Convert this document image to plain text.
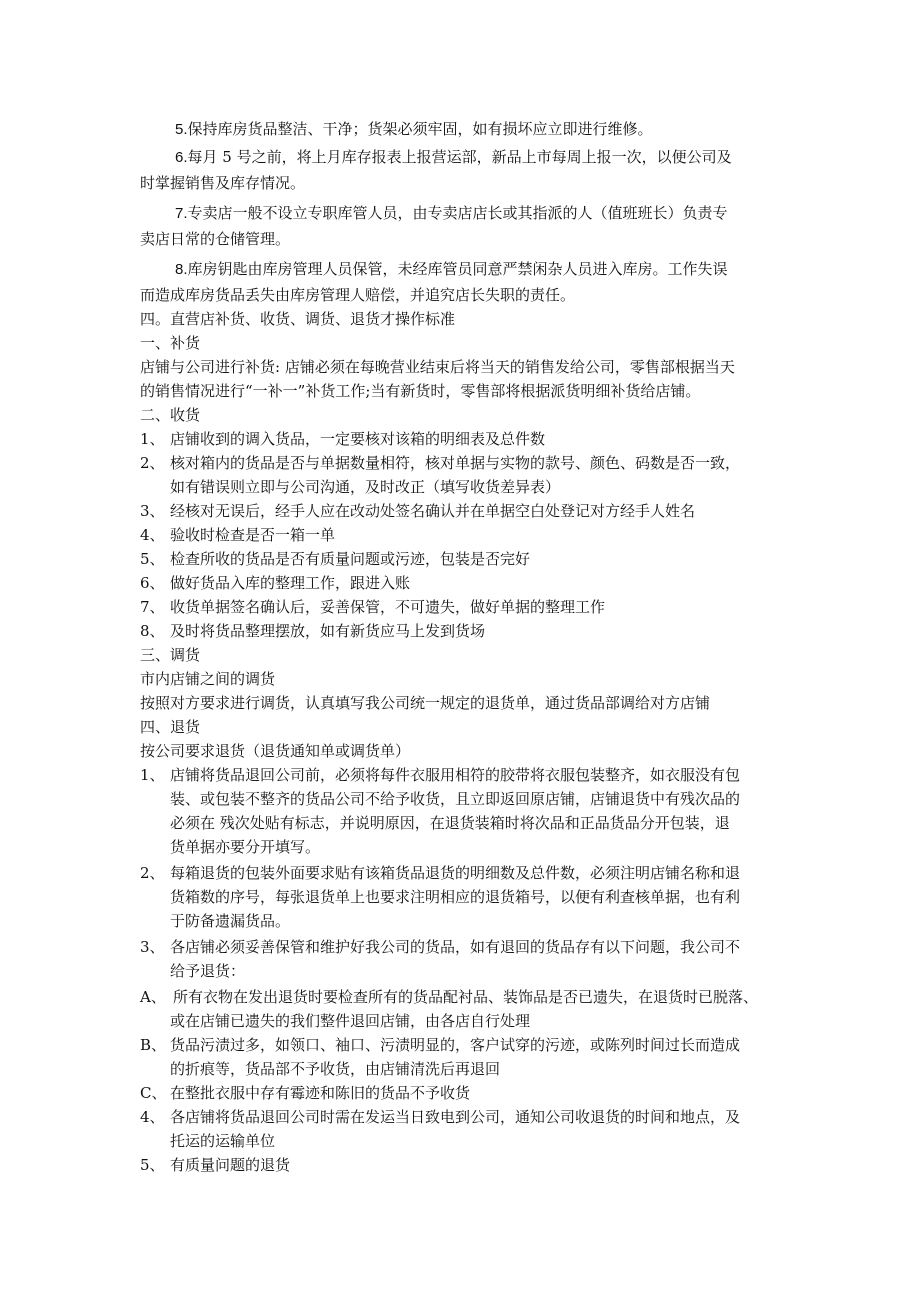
5.保持库房货品整洁、干净；货架必须牢固，如有损坏应立即进行维修。
6.每月 5 号之前，将上月库存报表上报营运部，新品上市每周上报一次，以便公司及
时掌握销售及库存情况。
7.专卖店一般不设立专职库管人员，由专卖店店长或其指派的人（值班班长）负责专
卖店日常的仓储管理。
8.库房钥匙由库房管理人员保管，未经库管员同意严禁闲杂人员进入库房。工作失误
而造成库房货品丢失由库房管理人赔偿，并追究店长失职的责任。
四。直营店补货、收货、调货、退货才操作标准
一、补货
店铺与公司进行补货: 店铺必须在每晚营业结束后将当天的销售发给公司，零售部根据当天
的销售情况进行“一补一”补货工作;当有新货时，零售部将根据派货明细补货给店铺。
二、收货
1、 店铺收到的调入货品，一定要核对该箱的明细表及总件数
2、 核对箱内的货品是否与单据数量相符，核对单据与实物的款号、颜色、码数是否一致，
如有错误则立即与公司沟通，及时改正（填写收货差异表）
3、 经核对无误后，经手人应在改动处签名确认并在单据空白处登记对方经手人姓名
4、 验收时检查是否一箱一单
5、 检查所收的货品是否有质量问题或污迹，包装是否完好
6、 做好货品入库的整理工作，跟进入账
7、 收货单据签名确认后，妥善保管，不可遗失，做好单据的整理工作
8、 及时将货品整理摆放，如有新货应马上发到货场
三、调货
市内店铺之间的调货
按照对方要求进行调货，认真填写我公司统一规定的退货单，通过货品部调给对方店铺
四、退货
按公司要求退货（退货通知单或调货单）
1、 店铺将货品退回公司前，必须将每件衣服用相符的胶带将衣服包装整齐，如衣服没有包
装、或包装不整齐的货品公司不给予收货，且立即返回原店铺，店铺退货中有残次品的
必须在 残次处贴有标志，并说明原因，在退货装箱时将次品和正品货品分开包装，退
货单据亦要分开填写。
2、 每箱退货的包装外面要求贴有该箱货品退货的明细数及总件数，必须注明店铺名称和退
货箱数的序号，每张退货单上也要求注明相应的退货箱号，以便有利查核单据，也有利
于防备遗漏货品。
3、 各店铺必须妥善保管和维护好我公司的货品，如有退回的货品存有以下问题，我公司不
给予退货：
A、 所有衣物在发出退货时要检查所有的货品配衬品、装饰品是否已遗失，在退货时已脱落、
或在店铺已遗失的我们整件退回店铺，由各店自行处理
B、 货品污渍过多，如领口、袖口、污渍明显的，客户试穿的污迹，或陈列时间过长而造成
的折痕等，货品部不予收货，由店铺清洗后再退回
C、 在整批衣服中存有霉迹和陈旧的货品不予收货
4、 各店铺将货品退回公司时需在发运当日致电到公司，通知公司收退货的时间和地点，及
托运的运输单位
5、 有质量问题的退货
